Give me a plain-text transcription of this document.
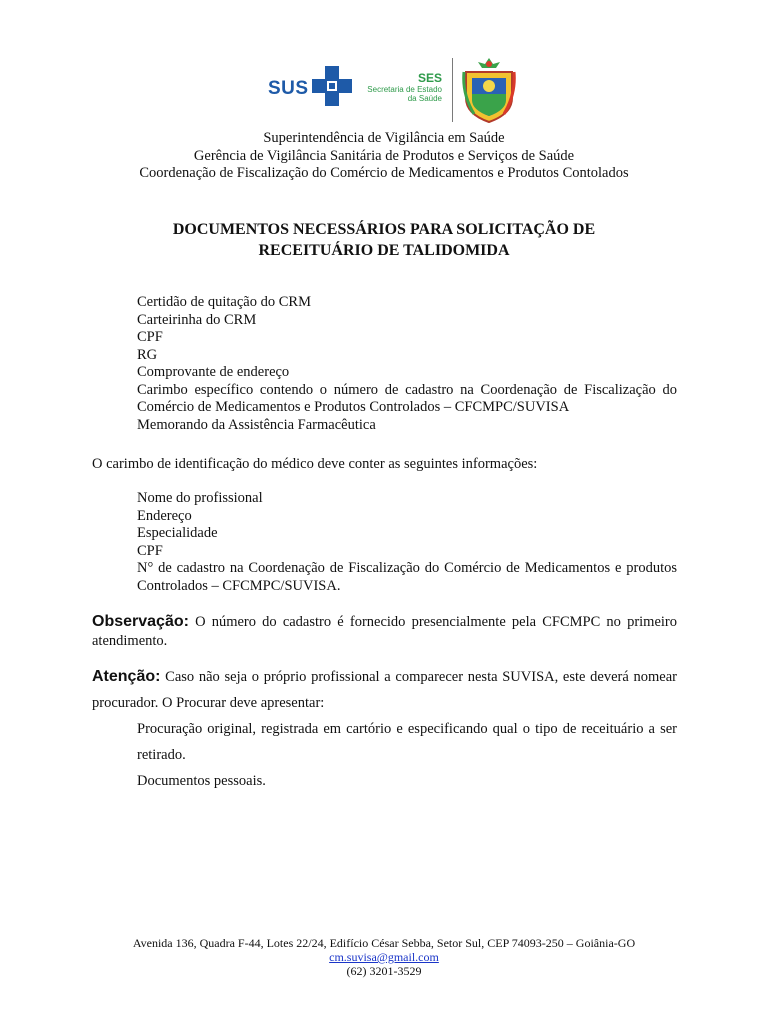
SUS	SES
Secretaria de Estado
da Saúde
Superintendência de Vigilância em Saúde
Gerência de Vigilância Sanitária de Produtos e Serviços de Saúde
Coordenação de Fiscalização do Comércio de Medicamentos e Produtos Contolados
DOCUMENTOS NECESSÁRIOS PARA SOLICITAÇÃO DE
RECEITUÁRIO DE TALIDOMIDA
Certidão de quitação do CRM
Carteirinha do CRM
CPF
RG
Comprovante de endereço
Carimbo específico contendo o número de cadastro na Coordenação de Fiscalização do Comércio de Medicamentos e Produtos Controlados – CFCMPC/SUVISA
Memorando da Assistência Farmacêutica
O carimbo de identificação do médico deve conter as seguintes informações:
Nome do profissional
Endereço
Especialidade
CPF
N° de cadastro na Coordenação de Fiscalização do Comércio de Medicamentos e produtos Controlados – CFCMPC/SUVISA.
Observação: O número do cadastro é fornecido presencialmente pela CFCMPC no primeiro atendimento.
Atenção: Caso não seja o próprio profissional a comparecer nesta SUVISA, este deverá nomear procurador. O Procurar deve apresentar:
Procuração original, registrada em cartório e especificando qual o tipo de receituário a ser retirado.
Documentos pessoais.
Avenida 136, Quadra F-44, Lotes 22/24, Edifício César Sebba, Setor Sul, CEP 74093-250 – Goiânia-GO
cm.suvisa@gmail.com
(62) 3201-3529
